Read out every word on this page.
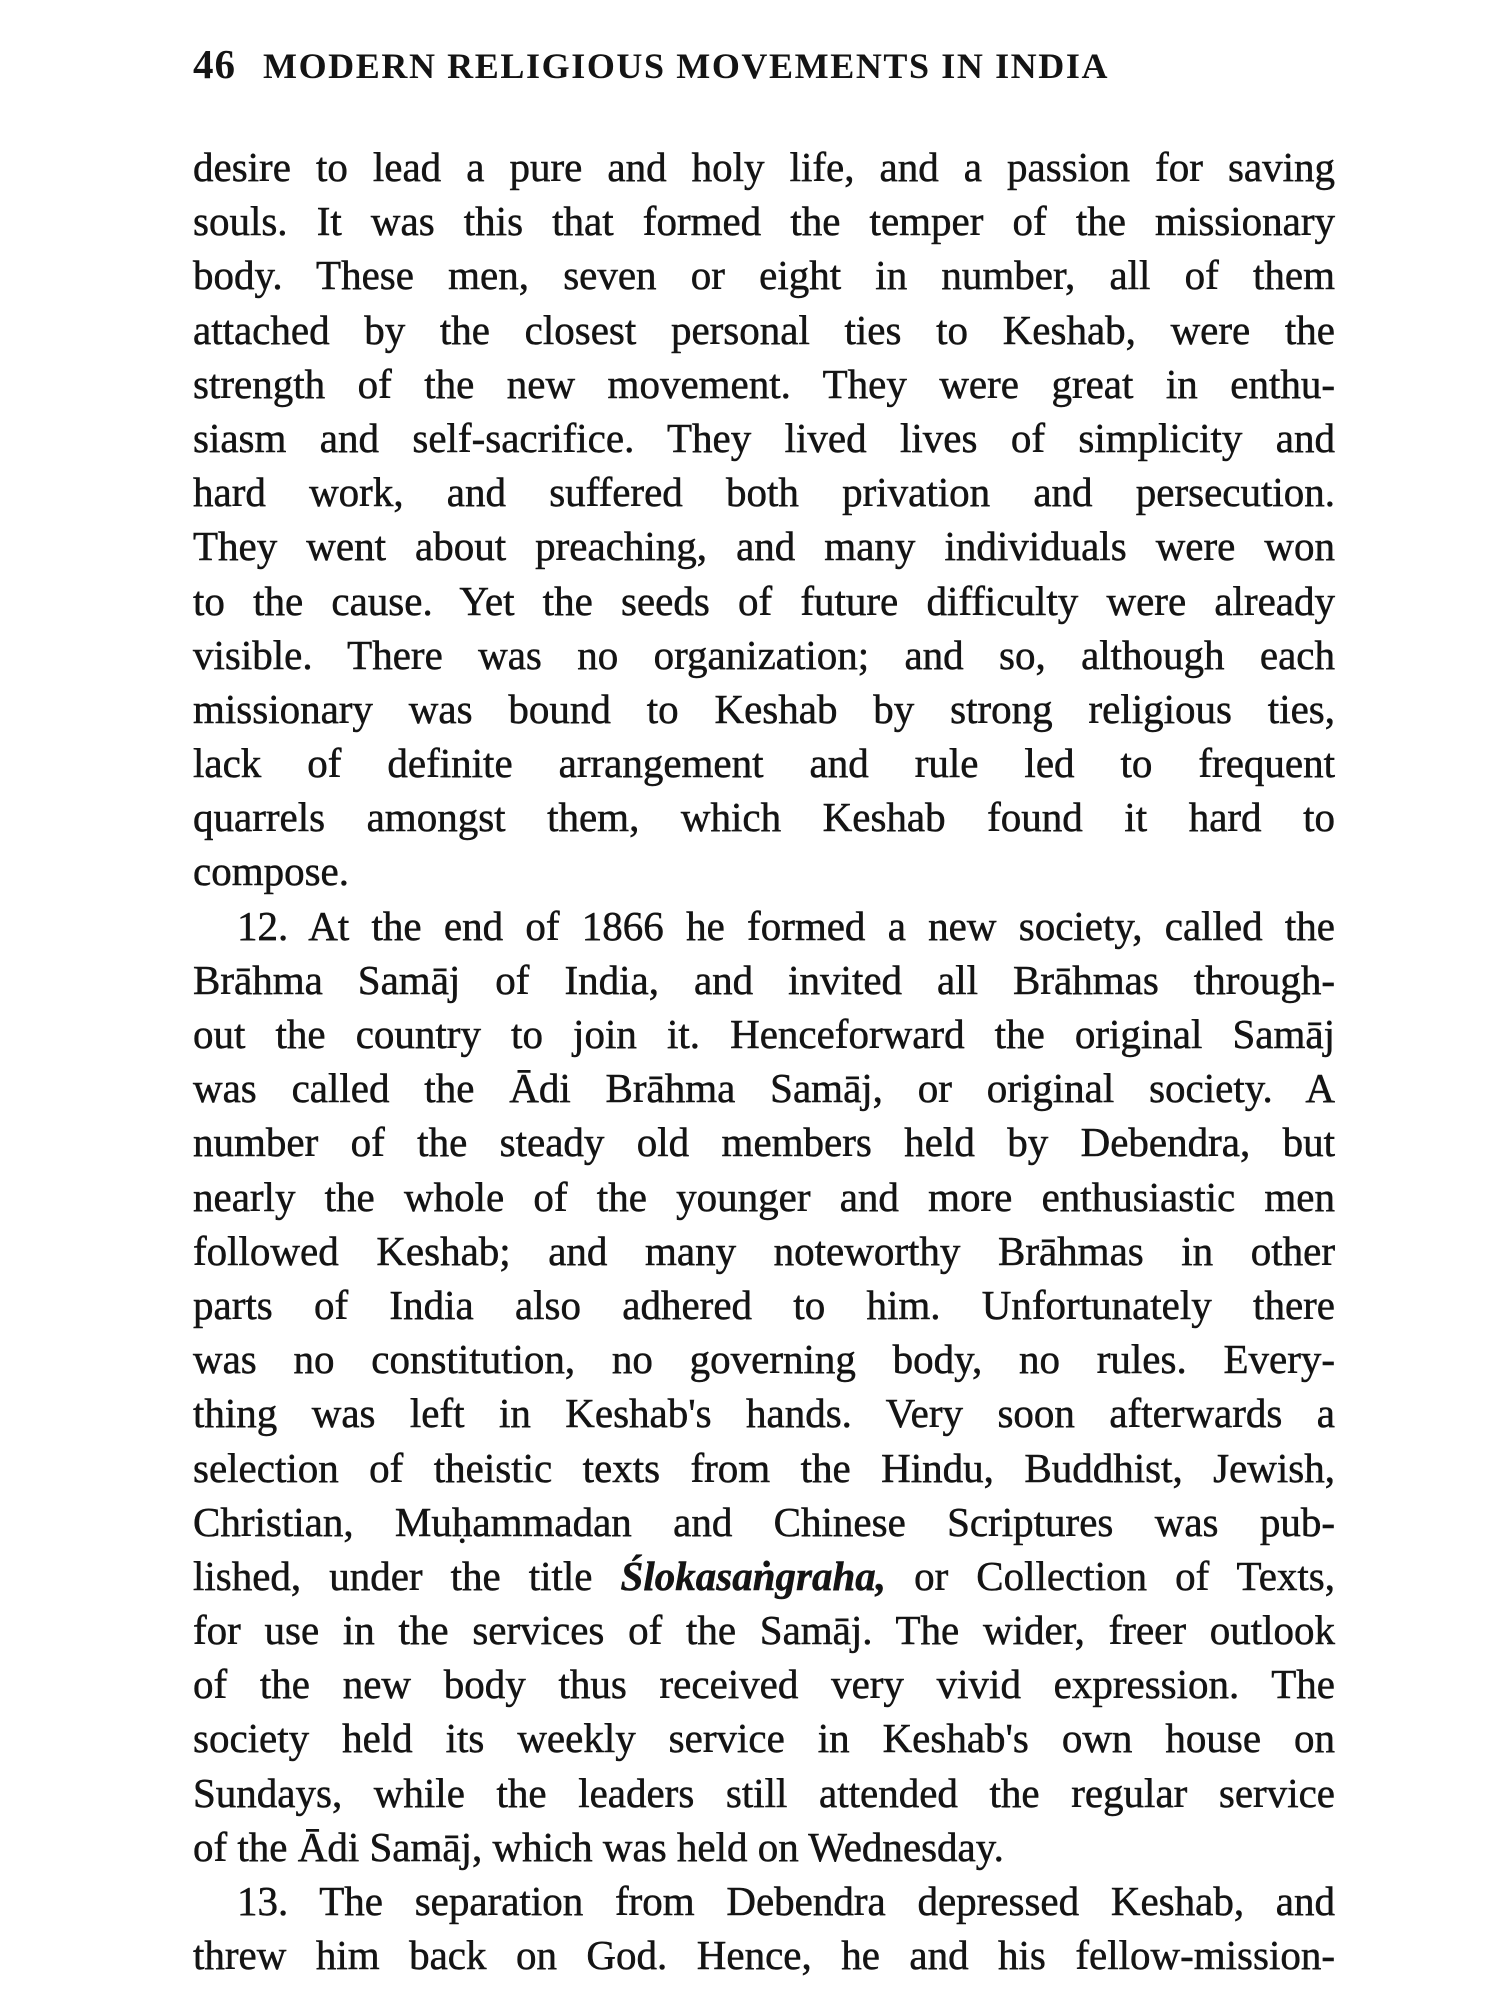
46 MODERN RELIGIOUS MOVEMENTS IN INDIA
desire to lead a pure and holy life, and a passion for saving
souls. It was this that formed the temper of the missionary
body. These men, seven or eight in number, all of them
attached by the closest personal ties to Keshab, were the
strength of the new movement. They were great in enthu-
siasm and self-sacrifice. They lived lives of simplicity and
hard work, and suffered both privation and persecution.
They went about preaching, and many individuals were won
to the cause. Yet the seeds of future difficulty were already
visible. There was no organization; and so, although each
missionary was bound to Keshab by strong religious ties,
lack of definite arrangement and rule led to frequent
quarrels amongst them, which Keshab found it hard to
compose.
12. At the end of 1866 he formed a new society, called the
Brāhma Samāj of India, and invited all Brāhmas through-
out the country to join it. Henceforward the original Samāj
was called the Ādi Brāhma Samāj, or original society. A
number of the steady old members held by Debendra, but
nearly the whole of the younger and more enthusiastic men
followed Keshab; and many noteworthy Brāhmas in other
parts of India also adhered to him. Unfortunately there
was no constitution, no governing body, no rules. Every-
thing was left in Keshab's hands. Very soon afterwards a
selection of theistic texts from the Hindu, Buddhist, Jewish,
Christian, Muḥammadan and Chinese Scriptures was pub-
lished, under the title Ślokasaṅgraha, or Collection of Texts,
for use in the services of the Samāj. The wider, freer outlook
of the new body thus received very vivid expression. The
society held its weekly service in Keshab's own house on
Sundays, while the leaders still attended the regular service
of the Ādi Samāj, which was held on Wednesday.
13. The separation from Debendra depressed Keshab, and
threw him back on God. Hence, he and his fellow-mission-
